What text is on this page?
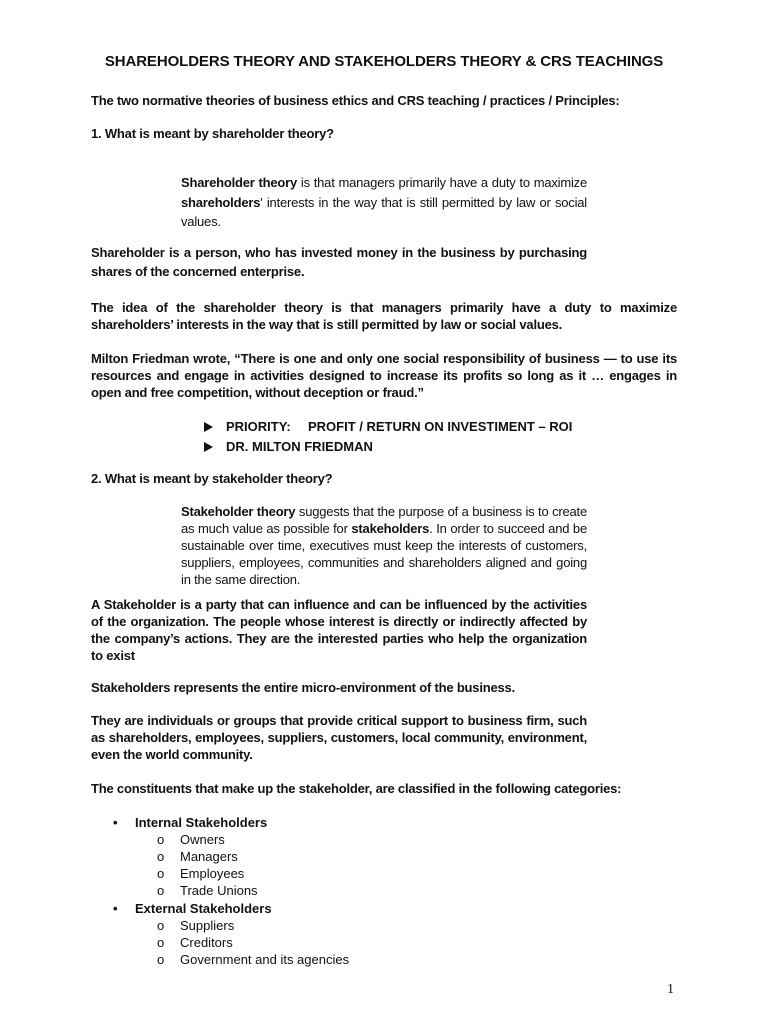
SHAREHOLDERS THEORY AND STAKEHOLDERS THEORY & CRS TEACHINGS
The two normative theories of business ethics and CRS teaching / practices / Principles:
1. What is meant by shareholder theory?
Shareholder theory is that managers primarily have a duty to maximize shareholders' interests in the way that is still permitted by law or social values.
Shareholder is a person, who has invested money in the business by purchasing shares of the concerned enterprise.
The idea of the shareholder theory is that managers primarily have a duty to maximize shareholders’ interests in the way that is still permitted by law or social values.
Milton Friedman wrote, “There is one and only one social responsibility of business — to use its resources and engage in activities designed to increase its profits so long as it … engages in open and free competition, without deception or fraud.”
PRIORITY:	PROFIT / RETURN ON INVESTIMENT – ROI
DR. MILTON FRIEDMAN
2. What is meant by stakeholder theory?
Stakeholder theory suggests that the purpose of a business is to create as much value as possible for stakeholders. In order to succeed and be sustainable over time, executives must keep the interests of customers, suppliers, employees, communities and shareholders aligned and going in the same direction.
A Stakeholder is a party that can influence and can be influenced by the activities of the organization. The people whose interest is directly or indirectly affected by the company’s actions. They are the interested parties who help the organization to exist
Stakeholders represents the entire micro-environment of the business.
They are individuals or groups that provide critical support to business firm, such as shareholders, employees, suppliers, customers, local community, environment, even the world community.
The constituents that make up the stakeholder, are classified in the following categories:
•	Internal Stakeholders
o	Owners
o	Managers
o	Employees
o	Trade Unions
•	External Stakeholders
o	Suppliers
o	Creditors
o	Government and its agencies
1
